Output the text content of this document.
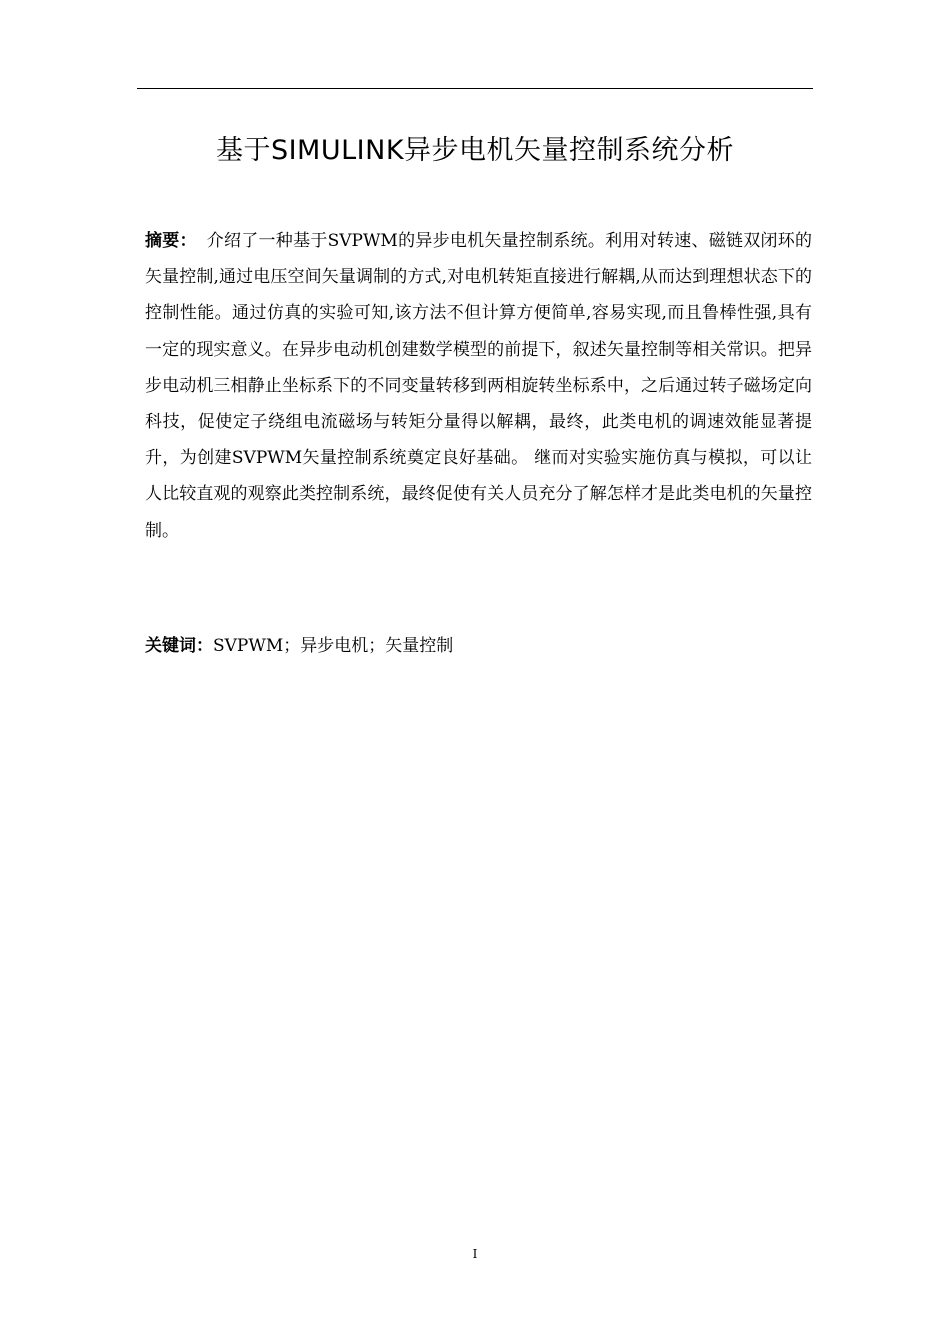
基于SIMULINK异步电机矢量控制系统分析

摘要： 介绍了一种基于SVPWM的异步电机矢量控制系统。利用对转速、磁链双闭环的矢量控制,通过电压空间矢量调制的方式,对电机转矩直接进行解耦,从而达到理想状态下的控制性能。通过仿真的实验可知,该方法不但计算方便简单,容易实现,而且鲁棒性强,具有一定的现实意义。在异步电动机创建数学模型的前提下，叙述矢量控制等相关常识。把异步电动机三相静止坐标系下的不同变量转移到两相旋转坐标系中，之后通过转子磁场定向科技，促使定子绕组电流磁场与转矩分量得以解耦，最终，此类电机的调速效能显著提升，为创建SVPWM矢量控制系统奠定良好基础。 继而对实验实施仿真与模拟，可以让人比较直观的观察此类控制系统，最终促使有关人员充分了解怎样才是此类电机的矢量控制。

关键词：SVPWM；异步电机；矢量控制

I
